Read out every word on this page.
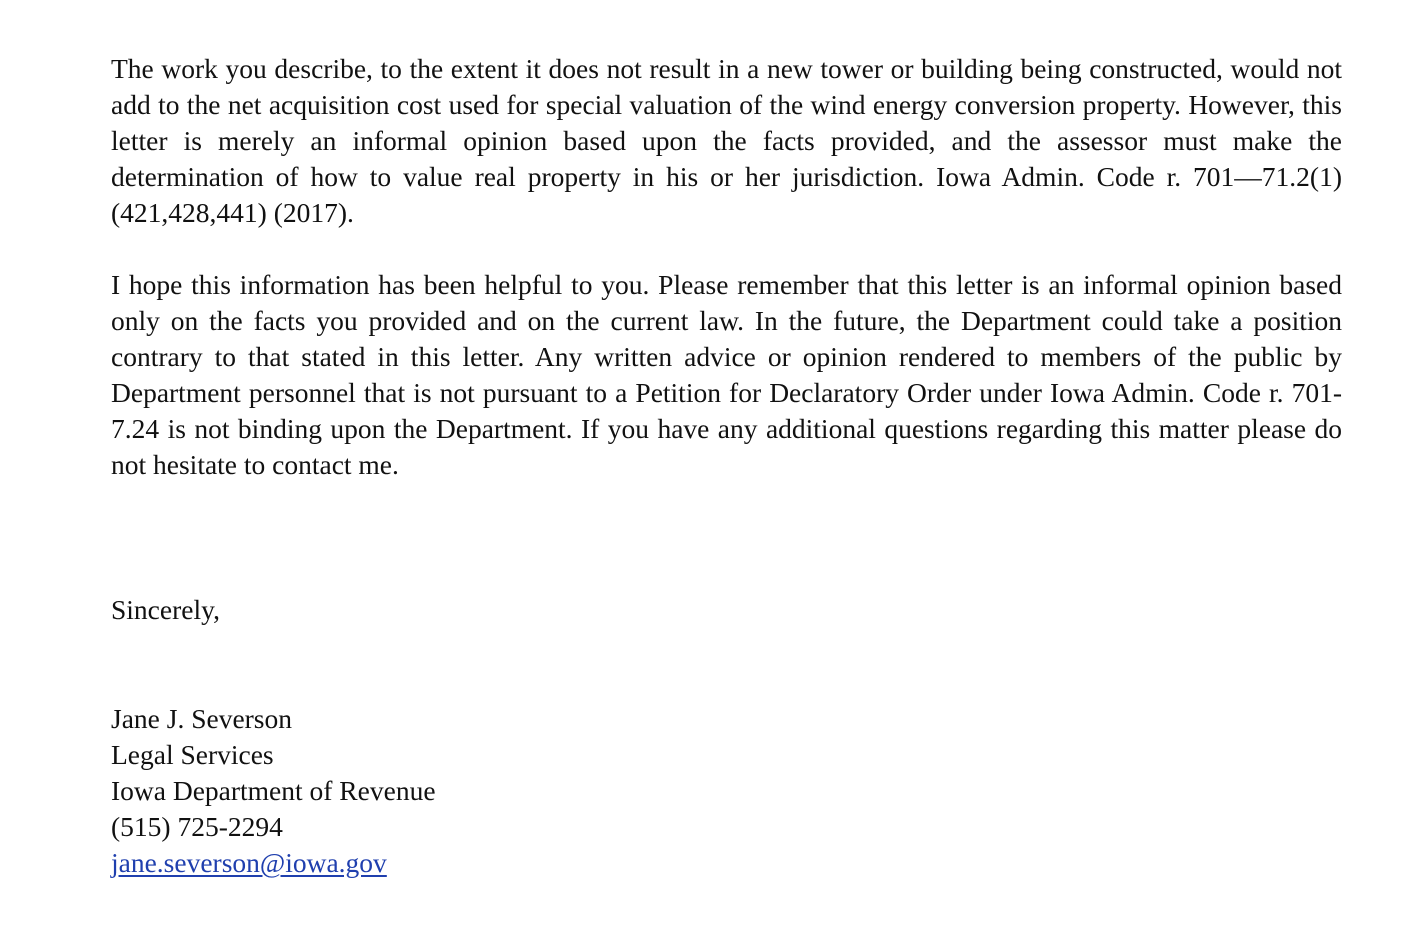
The work you describe, to the extent it does not result in a new tower or building being constructed, would not add to the net acquisition cost used for special valuation of the wind energy conversion property. However, this letter is merely an informal opinion based upon the facts provided, and the assessor must make the determination of how to value real property in his or her jurisdiction. Iowa Admin. Code r. 701—71.2(1) (421,428,441) (2017).

I hope this information has been helpful to you. Please remember that this letter is an informal opinion based only on the facts you provided and on the current law. In the future, the Department could take a position contrary to that stated in this letter. Any written advice or opinion rendered to members of the public by Department personnel that is not pursuant to a Petition for Declaratory Order under Iowa Admin. Code r. 701-7.24 is not binding upon the Department. If you have any additional questions regarding this matter please do not hesitate to contact me.

Sincerely,

Jane J. Severson
Legal Services
Iowa Department of Revenue
(515) 725-2294
jane.severson@iowa.gov
